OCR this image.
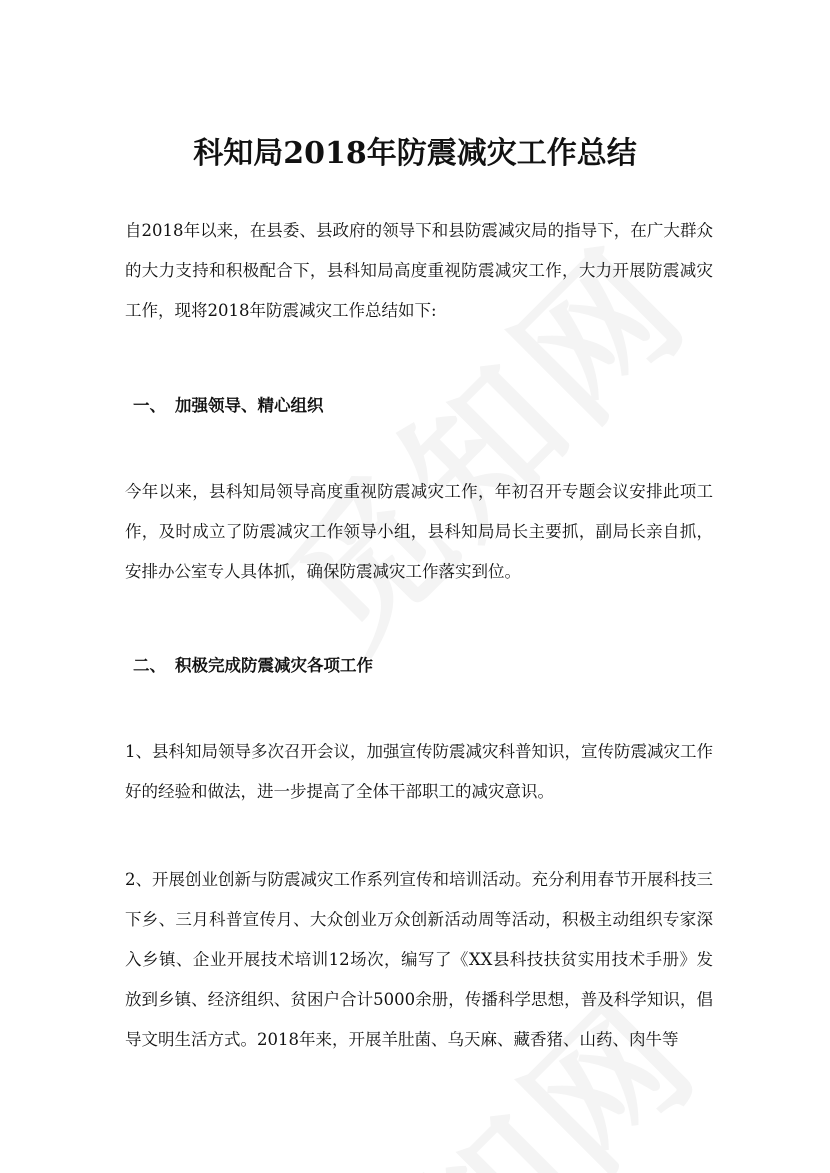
科知局2018年防震减灾工作总结

自2018年以来，在县委、县政府的领导下和县防震减灾局的指导下，在广大群众的大力支持和积极配合下，县科知局高度重视防震减灾工作，大力开展防震减灾工作，现将2018年防震减灾工作总结如下:

一、 加强领导、精心组织

今年以来，县科知局领导高度重视防震减灾工作，年初召开专题会议安排此项工作，及时成立了防震减灾工作领导小组，县科知局局长主要抓，副局长亲自抓，安排办公室专人具体抓，确保防震减灾工作落实到位。

二、 积极完成防震减灾各项工作

1、县科知局领导多次召开会议，加强宣传防震减灾科普知识，宣传防震减灾工作好的经验和做法，进一步提高了全体干部职工的减灾意识。

2、开展创业创新与防震减灾工作系列宣传和培训活动。充分利用春节开展科技三下乡、三月科普宣传月、大众创业万众创新活动周等活动，积极主动组织专家深入乡镇、企业开展技术培训12场次，编写了《XX县科技扶贫实用技术手册》发放到乡镇、经济组织、贫困户合计5000余册，传播科学思想，普及科学知识，倡导文明生活方式。2018年来，开展羊肚菌、乌天麻、藏香猪、山药、肉牛等
